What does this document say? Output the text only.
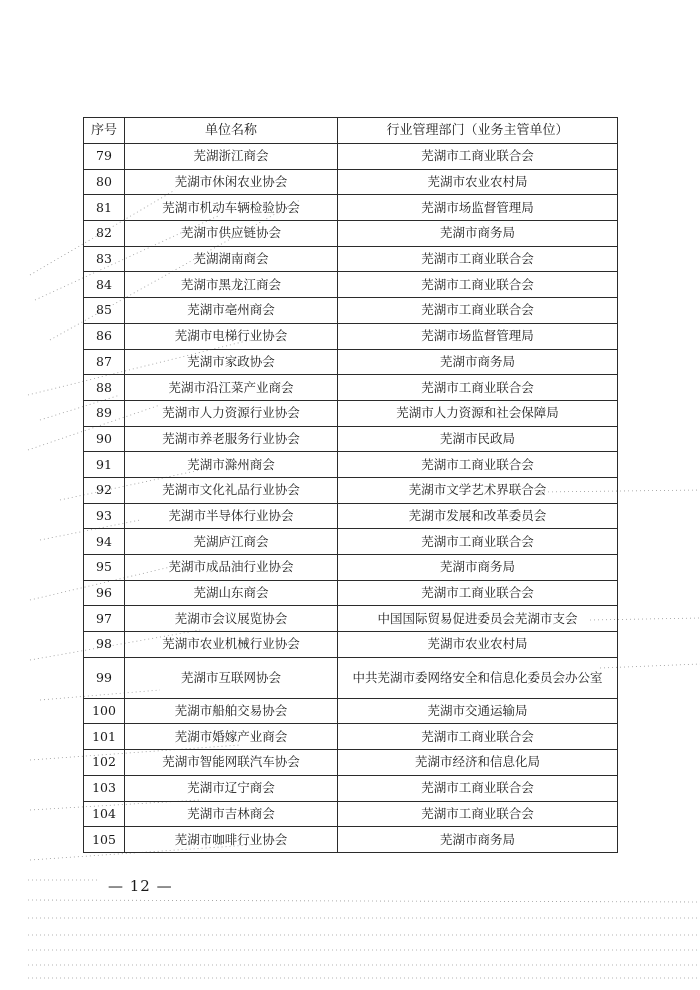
序号	单位名称	行业管理部门（业务主管单位）
79	芜湖浙江商会	芜湖市工商业联合会
80	芜湖市休闲农业协会	芜湖市农业农村局
81	芜湖市机动车辆检验协会	芜湖市场监督管理局
82	芜湖市供应链协会	芜湖市商务局
83	芜湖湖南商会	芜湖市工商业联合会
84	芜湖市黑龙江商会	芜湖市工商业联合会
85	芜湖市亳州商会	芜湖市工商业联合会
86	芜湖市电梯行业协会	芜湖市场监督管理局
87	芜湖市家政协会	芜湖市商务局
88	芜湖市沿江菜产业商会	芜湖市工商业联合会
89	芜湖市人力资源行业协会	芜湖市人力资源和社会保障局
90	芜湖市养老服务行业协会	芜湖市民政局
91	芜湖市滁州商会	芜湖市工商业联合会
92	芜湖市文化礼品行业协会	芜湖市文学艺术界联合会
93	芜湖市半导体行业协会	芜湖市发展和改革委员会
94	芜湖庐江商会	芜湖市工商业联合会
95	芜湖市成品油行业协会	芜湖市商务局
96	芜湖山东商会	芜湖市工商业联合会
97	芜湖市会议展览协会	中国国际贸易促进委员会芜湖市支会
98	芜湖市农业机械行业协会	芜湖市农业农村局
99	芜湖市互联网协会	中共芜湖市委网络安全和信息化委员会办公室
100	芜湖市船舶交易协会	芜湖市交通运输局
101	芜湖市婚嫁产业商会	芜湖市工商业联合会
102	芜湖市智能网联汽车协会	芜湖市经济和信息化局
103	芜湖市辽宁商会	芜湖市工商业联合会
104	芜湖市吉林商会	芜湖市工商业联合会
105	芜湖市咖啡行业协会	芜湖市商务局
— 12 —
